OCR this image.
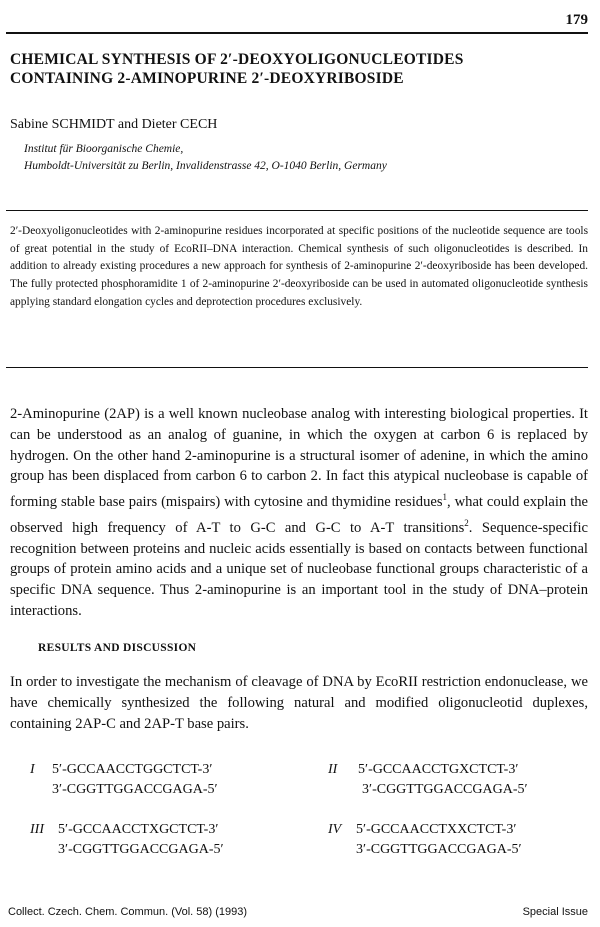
179
CHEMICAL SYNTHESIS OF 2′-DEOXYOLIGONUCLEOTIDES
CONTAINING 2-AMINOPURINE 2′-DEOXYRIBOSIDE
Sabine SCHMIDT and Dieter CECH
Institut für Bioorganische Chemie,
Humboldt-Universität zu Berlin, Invalidenstrasse 42, O-1040 Berlin, Germany
2′-Deoxyoligonucleotides with 2-aminopurine residues incorporated at specific positions of the nucleotide sequence are tools of great potential in the study of EcoRII–DNA interaction. Chemical synthesis of such oligonucleotides is described. In addition to already existing procedures a new approach for synthesis of 2-aminopurine 2′-deoxyriboside has been developed. The fully protected phosphoramidite 1 of 2-aminopurine 2′-deoxyriboside can be used in automated oligonucleotide synthesis applying standard elongation cycles and deprotection procedures exclusively.
2-Aminopurine (2AP) is a well known nucleobase analog with interesting biological properties. It can be understood as an analog of guanine, in which the oxygen at carbon 6 is replaced by hydrogen. On the other hand 2-aminopurine is a structural isomer of adenine, in which the amino group has been displaced from carbon 6 to carbon 2. In fact this atypical nucleobase is capable of forming stable base pairs (mispairs) with cytosine and thymidine residues$^1$, what could explain the observed high frequency of A-T to G-C and G-C to A-T transitions$^2$. Sequence-specific recognition between proteins and nucleic acids essentially is based on contacts between functional groups of protein amino acids and a unique set of nucleobase functional groups characteristic of a specific DNA sequence. Thus 2-aminopurine is an important tool in the study of DNA–protein interactions.
RESULTS AND DISCUSSION
In order to investigate the mechanism of cleavage of DNA by EcoRII restriction endonuclease, we have chemically synthesized the following natural and modified oligonucleotid duplexes, containing 2AP-C and 2AP-T base pairs.
I 5′-GCCAACCTGGCTCT-3′
3′-CGGTTGGACCGAGA-5′
II 5′-GCCAACCTGXCTCT-3′
3′-CGGTTGGACCGAGA-5′
III 5′-GCCAACCTXGCTCT-3′
3′-CGGTTGGACCGAGA-5′
IV 5′-GCCAACCTXXCTCT-3′
3′-CGGTTGGACCGAGA-5′
Collect. Czech. Chem. Commun. (Vol. 58) (1993)	Special Issue
